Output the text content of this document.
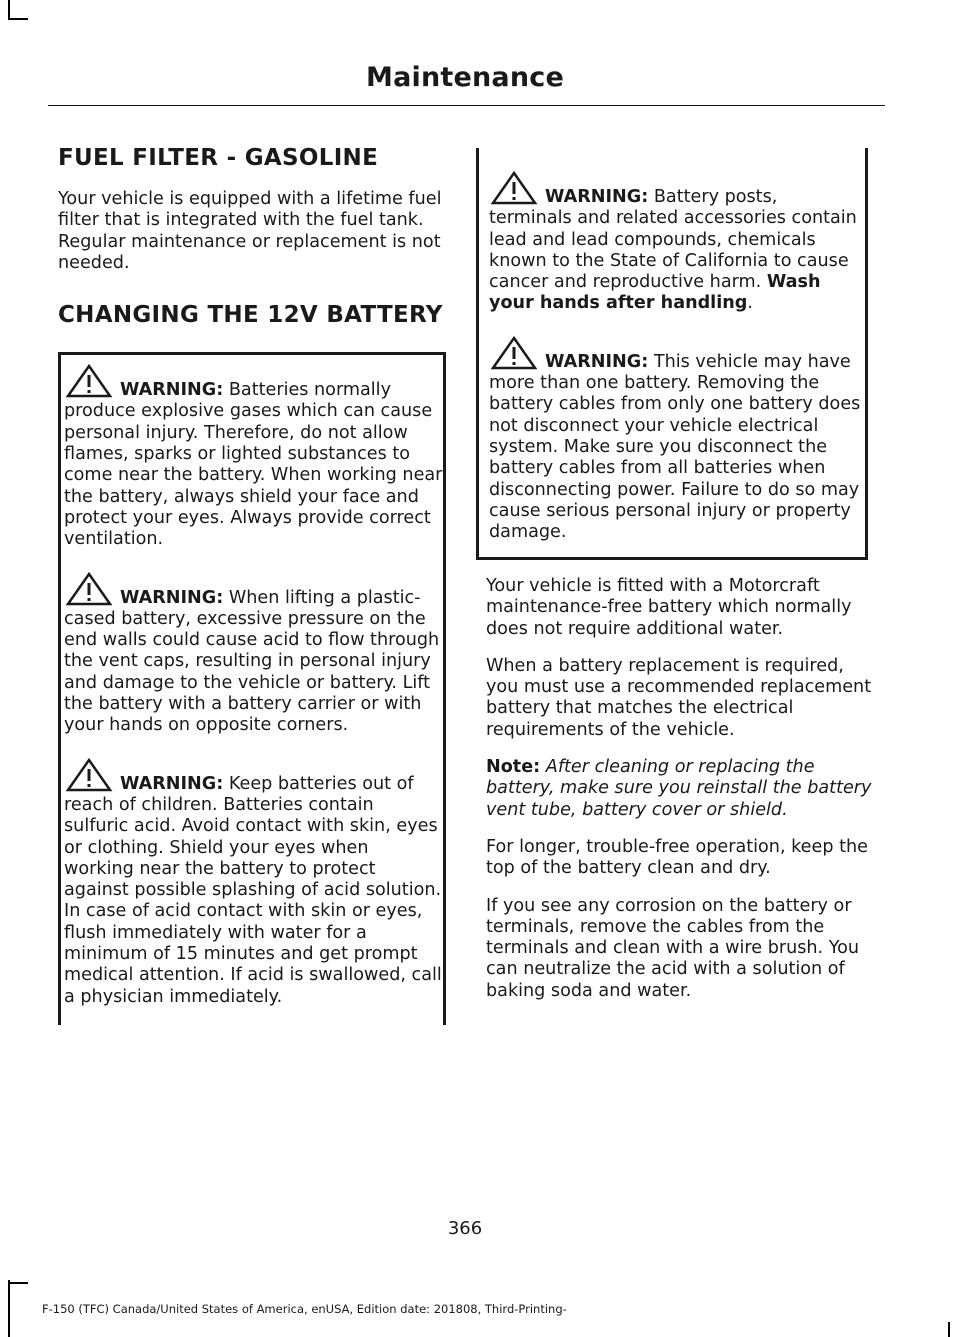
Maintenance
FUEL FILTER - GASOLINE

Your vehicle is equipped with a lifetime fuel filter that is integrated with the fuel tank. Regular maintenance or replacement is not needed.

CHANGING THE 12V BATTERY

WARNING: Batteries normally produce explosive gases which can cause personal injury. Therefore, do not allow flames, sparks or lighted substances to come near the battery. When working near the battery, always shield your face and protect your eyes. Always provide correct ventilation.

WARNING: When lifting a plastic-cased battery, excessive pressure on the end walls could cause acid to flow through the vent caps, resulting in personal injury and damage to the vehicle or battery. Lift the battery with a battery carrier or with your hands on opposite corners.

WARNING: Keep batteries out of reach of children. Batteries contain sulfuric acid. Avoid contact with skin, eyes or clothing. Shield your eyes when working near the battery to protect against possible splashing of acid solution. In case of acid contact with skin or eyes, flush immediately with water for a minimum of 15 minutes and get prompt medical attention. If acid is swallowed, call a physician immediately.

WARNING: Battery posts, terminals and related accessories contain lead and lead compounds, chemicals known to the State of California to cause cancer and reproductive harm. Wash your hands after handling.

WARNING: This vehicle may have more than one battery. Removing the battery cables from only one battery does not disconnect your vehicle electrical system. Make sure you disconnect the battery cables from all batteries when disconnecting power. Failure to do so may cause serious personal injury or property damage.

Your vehicle is fitted with a Motorcraft maintenance-free battery which normally does not require additional water.

When a battery replacement is required, you must use a recommended replacement battery that matches the electrical requirements of the vehicle.

Note: After cleaning or replacing the battery, make sure you reinstall the battery vent tube, battery cover or shield.

For longer, trouble-free operation, keep the top of the battery clean and dry.

If you see any corrosion on the battery or terminals, remove the cables from the terminals and clean with a wire brush. You can neutralize the acid with a solution of baking soda and water.

366
F-150 (TFC) Canada/United States of America, enUSA, Edition date: 201808, Third-Printing-
